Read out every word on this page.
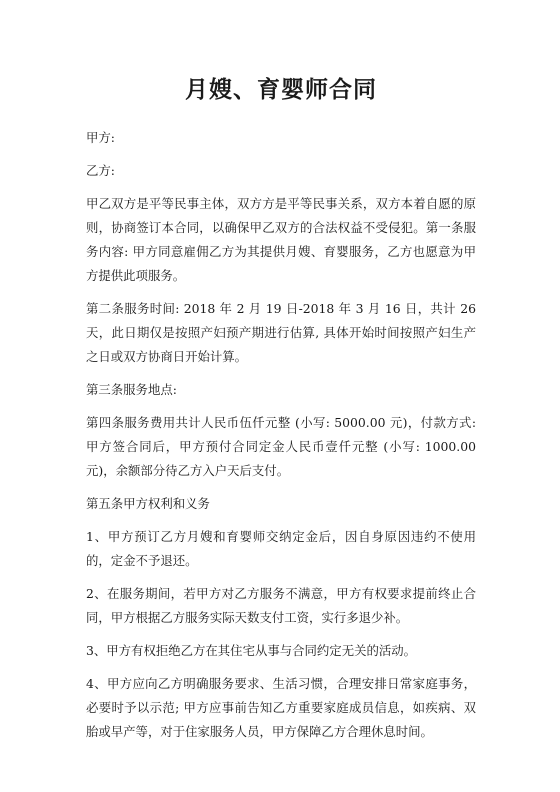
月嫂、育婴师合同

甲方:

乙方:

甲乙双方是平等民事主体，双方方是平等民事关系，双方本着自愿的原则，协商签订本合同，以确保甲乙双方的合法权益不受侵犯。第一条服务内容: 甲方同意雇佣乙方为其提供月嫂、育婴服务，乙方也愿意为甲方提供此项服务。

第二条服务时间: 2018 年 2 月 19 日-2018 年 3 月 16 日，共计 26 天，此日期仅是按照产妇预产期进行估算, 具体开始时间按照产妇生产之日或双方协商日开始计算。

第三条服务地点:

第四条服务费用共计人民币伍仟元整 (小写: 5000.00 元)，付款方式: 甲方签合同后，甲方预付合同定金人民币壹仟元整 (小写: 1000.00 元)，余额部分待乙方入户天后支付。

第五条甲方权利和义务

1、甲方预订乙方月嫂和育婴师交纳定金后，因自身原因违约不使用的，定金不予退还。

2、在服务期间，若甲方对乙方服务不满意，甲方有权要求提前终止合同，甲方根据乙方服务实际天数支付工资，实行多退少补。

3、甲方有权拒绝乙方在其住宅从事与合同约定无关的活动。

4、甲方应向乙方明确服务要求、生活习惯，合理安排日常家庭事务，必要时予以示范; 甲方应事前告知乙方重要家庭成员信息，如疾病、双胎或早产等，对于住家服务人员，甲方保障乙方合理休息时间。
